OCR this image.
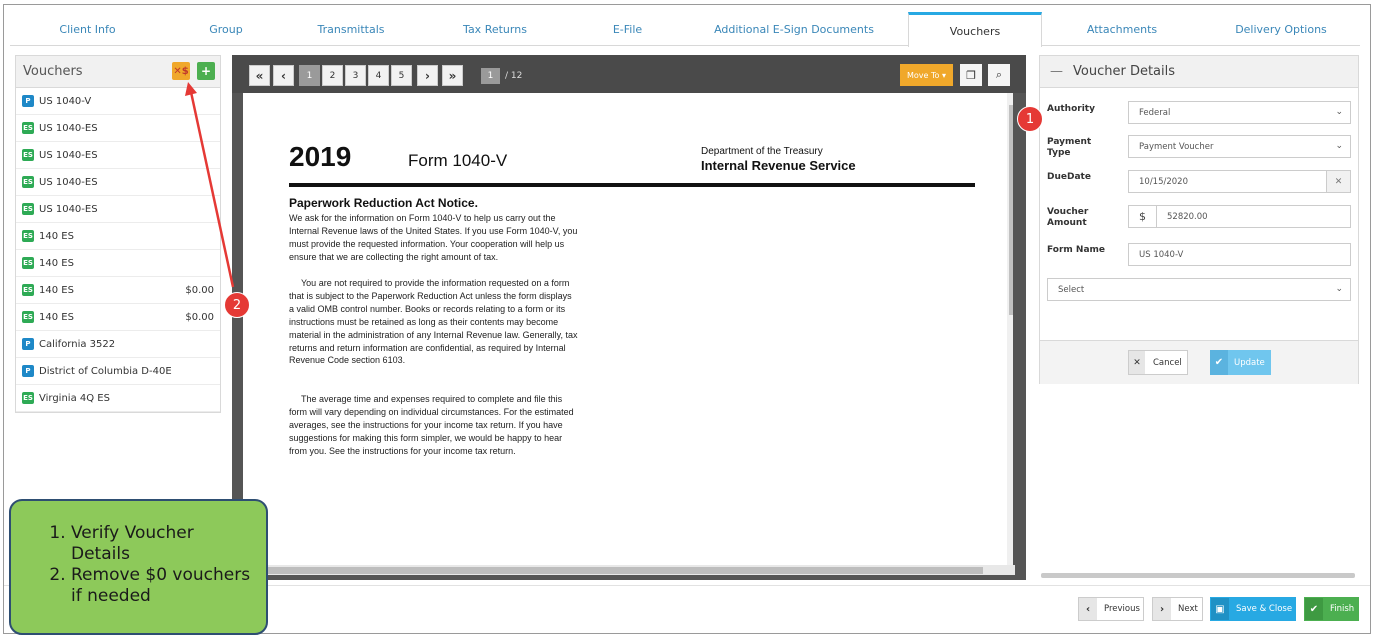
Client Info	Group	Transmittals	Tax Returns	E-File	Additional E-Sign Documents	Vouchers	Attachments	Delivery Options
Vouchers	✕$ +
P US 1040-V
ES US 1040-ES
ES US 1040-ES
ES US 1040-ES
ES US 1040-ES
ES 140 ES
ES 140 ES
ES 140 ES	$0.00
ES 140 ES	$0.00
P California 3522
P District of Columbia D-40E
ES Virginia 4Q ES
« ‹	1	2	3	4	5	› »	1	/ 12	Move To ▾	❐ ⌕
2019	Form 1040-V	Department of the Treasury
Internal Revenue Service
Paperwork Reduction Act Notice.
We ask for the information on Form 1040-V to help us carry out the Internal Revenue laws of the United States. If you use Form 1040-V, you must provide the requested information. Your cooperation will help us ensure that we are collecting the right amount of tax.
You are not required to provide the information requested on a form that is subject to the Paperwork Reduction Act unless the form displays a valid OMB control number. Books or records relating to a form or its instructions must be retained as long as their contents may become material in the administration of any Internal Revenue law. Generally, tax returns and return information are confidential, as required by Internal Revenue Code section 6103.
The average time and expenses required to complete and file this form will vary depending on individual circumstances. For the estimated averages, see the instructions for your income tax return. If you have suggestions for making this form simpler, we would be happy to hear from you. See the instructions for your income tax return.
— Voucher Details
Authority	Federal	⌄
Payment Type
Payment Voucher	⌄
DueDate	10/15/2020	✕
Voucher Amount	$	52820.00
Form Name	US 1040-V
Select	⌄
✕	Cancel	✔	Update
‹	Previous	›	Next	▣	Save & Close	✔	Finish
1
2
1. Verify Voucher Details
2. Remove $0 vouchers if needed
